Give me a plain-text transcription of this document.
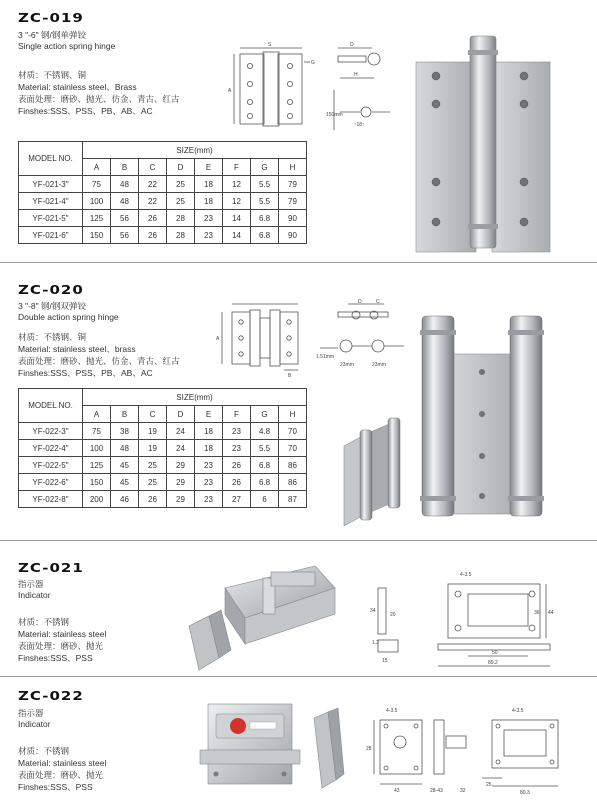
ZC-019
3 "-6" 钢/钢单弹铰
Single action spring hinge
材质：不锈钢、铜
Material: stainless steel、Brass
表面处理：磨砂、抛光、仿金、青古、红古
Finshes:SSS、PSS、PB、AB、AC
MODEL NO.	SIZE(mm)							
	A	B	C	D	E	F	G	H
YF-021-3"	75	48	22	25	18	12	5.5	79
YF-021-4"	100	48	22	25	18	12	5.5	79
YF-021-5"	125	56	26	28	23	14	6.8	90
YF-021-6"	150	56	26	28	23	14	6.8	90
S
A
G
D
H
150mm
↑18↑
ZC-020
3 "-8" 钢/钢双弹铰
Double action spring hinge
材质：不锈钢、铜
Material: stainless steel、brass
表面处理：磨砂、抛光、仿金、青古、红古
Finshes:SSS、PSS、PB、AB、AC
MODEL NO.	SIZE(mm)							
	A	B	C	D	E	F	G	H
YF-022-3"	75	38	19	24	18	23	4.8	70
YF-022-4"	100	48	19	24	18	23	5.5	70
YF-022-5"	125	45	25	29	23	26	6.8	86
YF-022-6"	150	45	25	29	23	26	6.8	86
YF-022-8"	200	46	26	29	23	27	6	87
A
B
D	C
1.51mm
23mm	23mm
ZC-021
指示器
Indicator
材质：不锈钢
Material: stainless steel
表面处理：磨砂、抛光
Finshes:SSS、PSS
4-3.5
34
20	44
36
1.2
50
89.2
15
ZC-022
指示器
Indicator
材质：不锈钢
Material: stainless steel
表面处理：磨砂、抛光
Finshes:SSS、PSS
4-3.5
28
43	28-43	32
4-3.5
25
80.3
